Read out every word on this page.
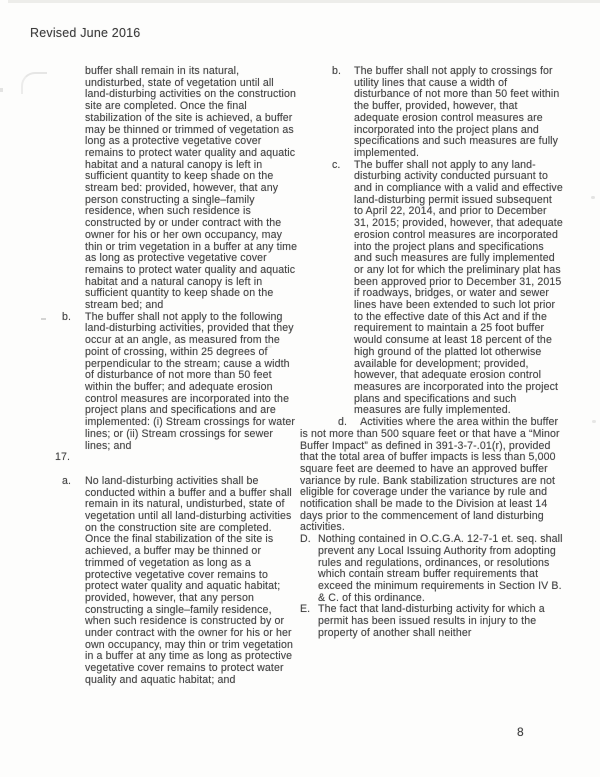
Revised June 2016
buffer shall remain in its natural, undisturbed, state of vegetation until all land-disturbing activities on the construction site are completed. Once the final stabilization of the site is achieved, a buffer may be thinned or trimmed of vegetation as long as a protective vegetative cover remains to protect water quality and aquatic habitat and a natural canopy is left in sufficient quantity to keep shade on the stream bed: provided, however, that any person constructing a single–family residence, when such residence is constructed by or under contract with the owner for his or her own occupancy, may thin or trim vegetation in a buffer at any time as long as protective vegetative cover remains to protect water quality and aquatic habitat and a natural canopy is left in sufficient quantity to keep shade on the stream bed; and
b.	The buffer shall not apply to the following land-disturbing activities, provided that they occur at an angle, as measured from the point of crossing, within 25 degrees of perpendicular to the stream; cause a width of disturbance of not more than 50 feet within the buffer; and adequate erosion control measures are incorporated into the project plans and specifications and are implemented: (i) Stream crossings for water lines; or (ii) Stream crossings for sewer lines; and
17.
a.	No land-disturbing activities shall be conducted within a buffer and a buffer shall remain in its natural, undisturbed, state of vegetation until all land-disturbing activities on the construction site are completed. Once the final stabilization of the site is achieved, a buffer may be thinned or trimmed of vegetation as long as a protective vegetative cover remains to protect water quality and aquatic habitat; provided, however, that any person constructing a single–family residence, when such residence is constructed by or under contract with the owner for his or her own occupancy, may thin or trim vegetation in a buffer at any time as long as protective vegetative cover remains to protect water quality and aquatic habitat; and
b.	The buffer shall not apply to crossings for utility lines that cause a width of disturbance of not more than 50 feet within the buffer, provided, however, that adequate erosion control measures are incorporated into the project plans and specifications and such measures are fully implemented.
c.	The buffer shall not apply to any land-disturbing activity conducted pursuant to and in compliance with a valid and effective land-disturbing permit issued subsequent to April 22, 2014, and prior to December 31, 2015; provided, however, that adequate erosion control measures are incorporated into the project plans and specifications and such measures are fully implemented or any lot for which the preliminary plat has been approved prior to December 31, 2015 if roadways, bridges, or water and sewer lines have been extended to such lot prior to the effective date of this Act and if the requirement to maintain a 25 foot buffer would consume at least 18 percent of the high ground of the platted lot otherwise available for development; provided, however, that adequate erosion control measures are incorporated into the project plans and specifications and such measures are fully implemented.
d. Activities where the area within the buffer is not more than 500 square feet or that have a “Minor Buffer Impact” as defined in 391-3-7-.01(r), provided that the total area of buffer impacts is less than 5,000 square feet are deemed to have an approved buffer variance by rule. Bank stabilization structures are not eligible for coverage under the variance by rule and notification shall be made to the Division at least 14 days prior to the commencement of land disturbing activities.
D. Nothing contained in O.C.G.A. 12-7-1 et. seq. shall prevent any Local Issuing Authority from adopting rules and regulations, ordinances, or resolutions which contain stream buffer requirements that exceed the minimum requirements in Section IV B. & C. of this ordinance.
E. The fact that land-disturbing activity for which a permit has been issued results in injury to the property of another shall neither
8
